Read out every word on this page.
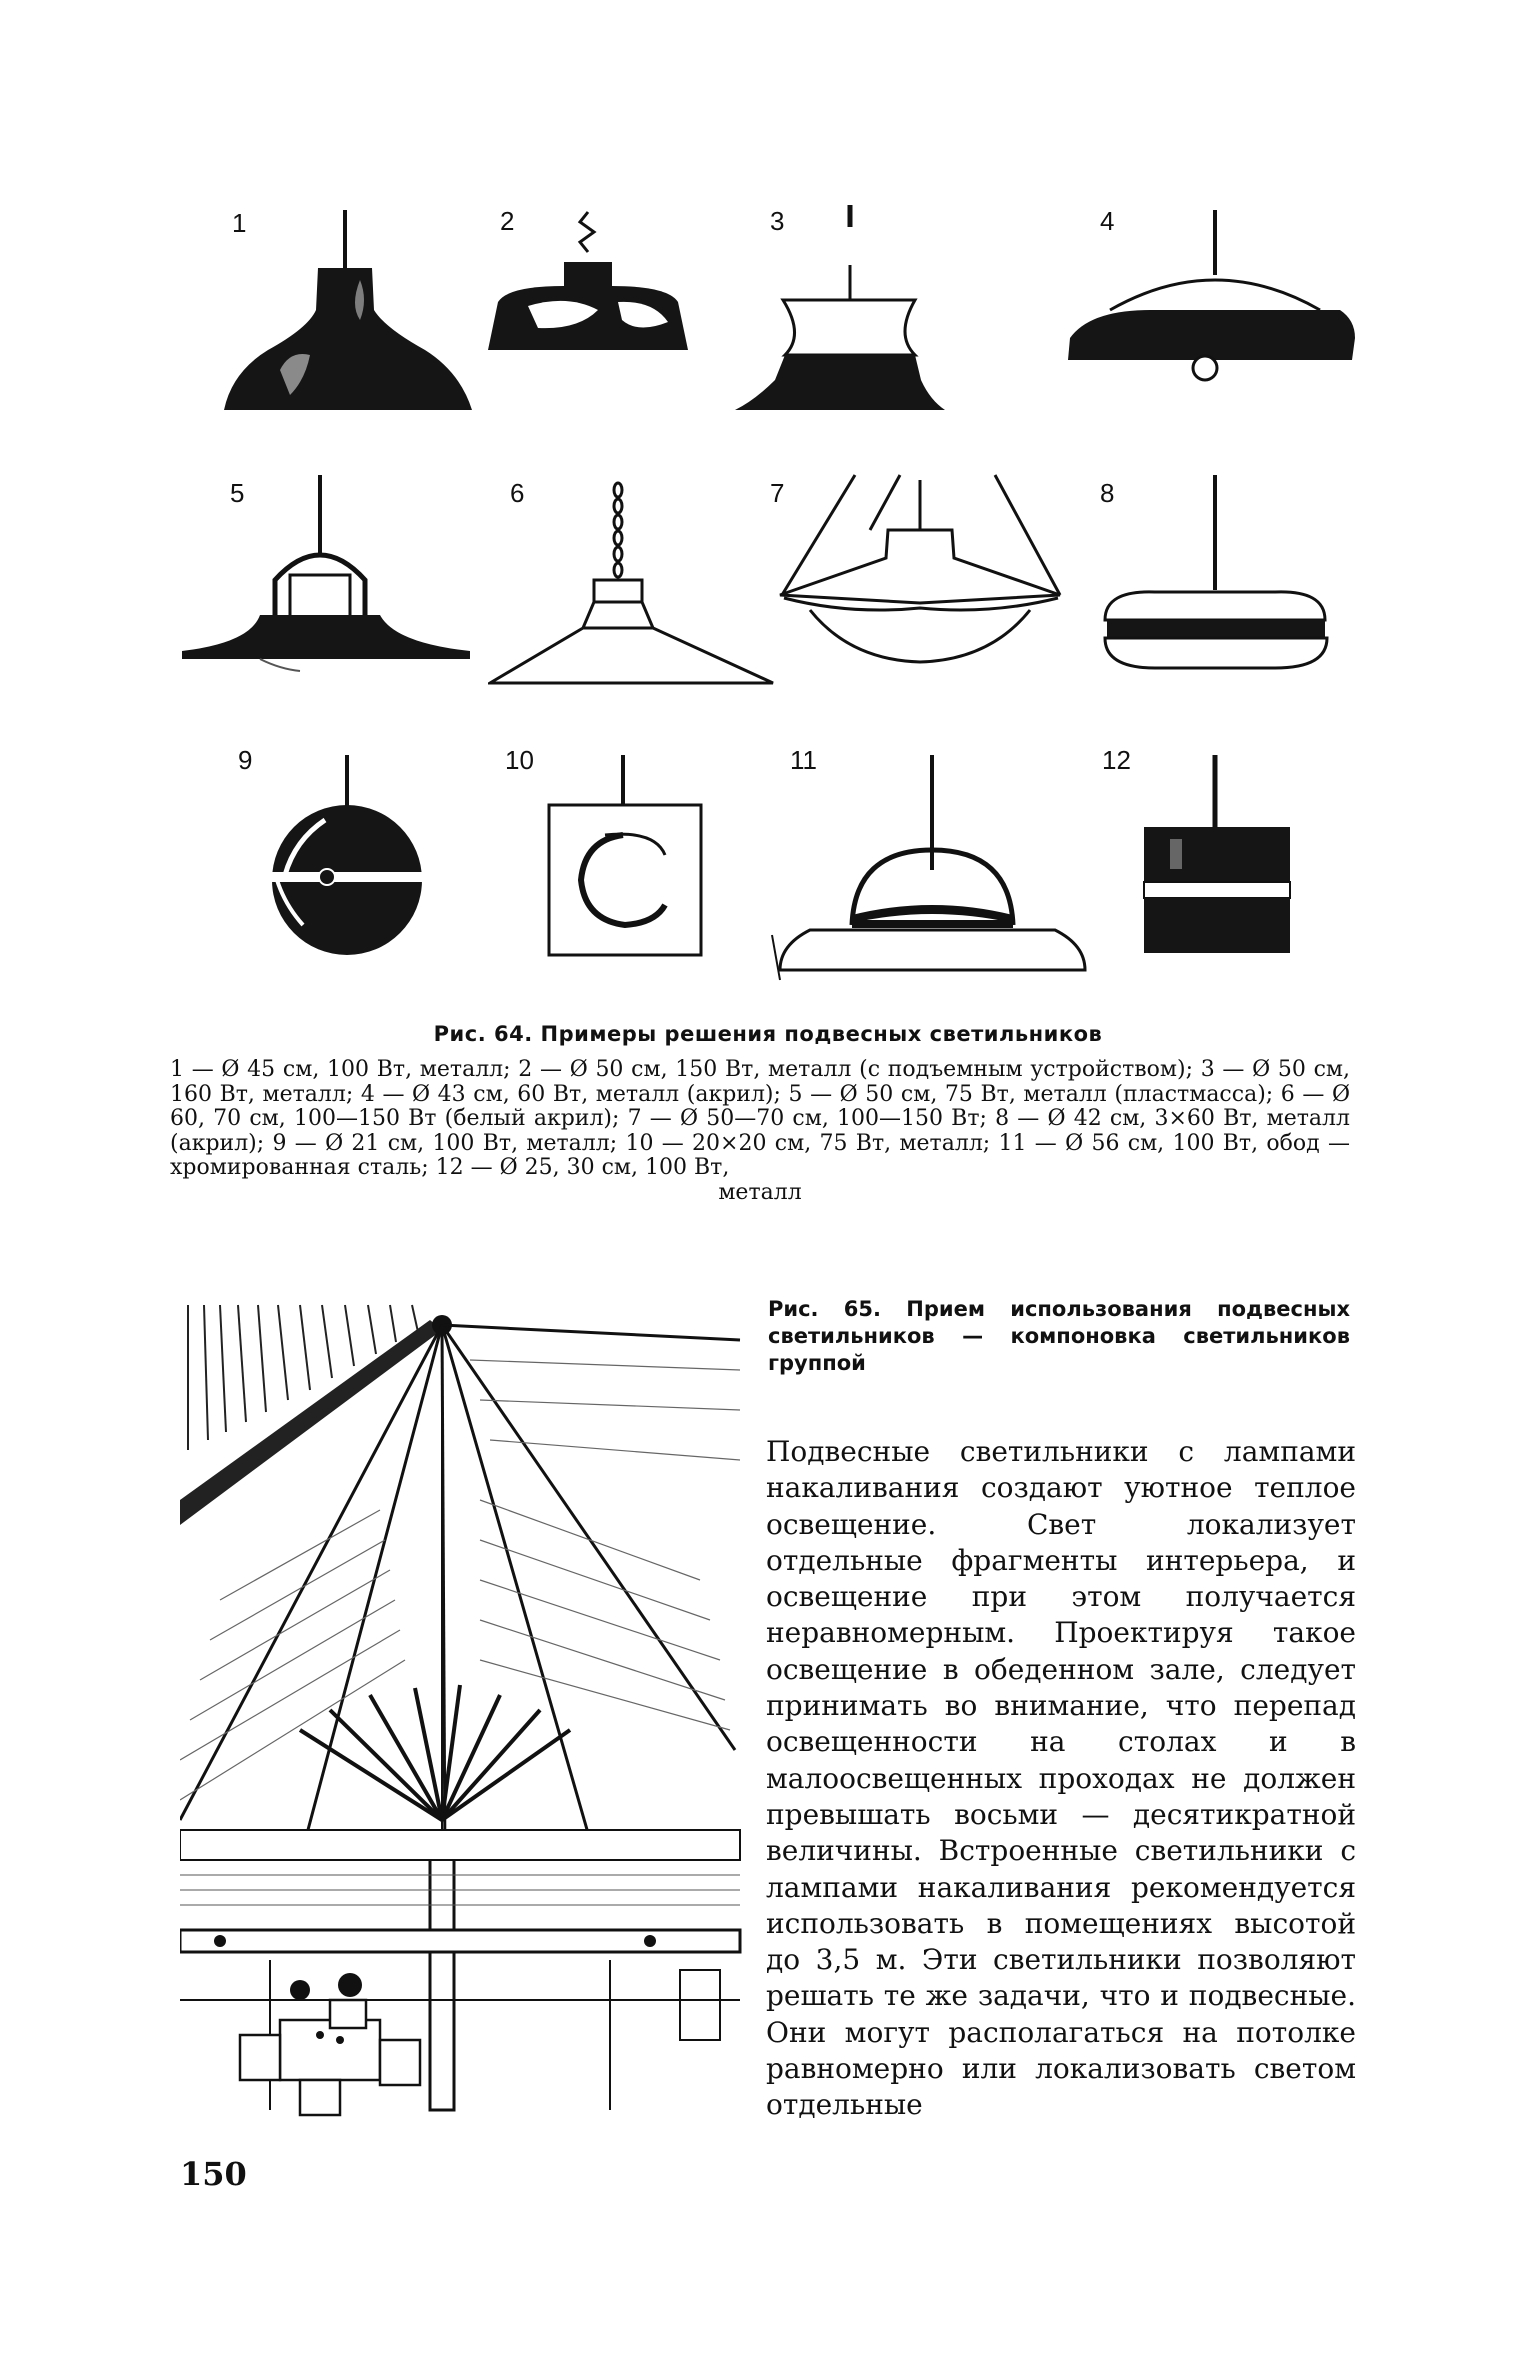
1	2	3	4
5	6	7	8
9	10	11	12
Рис. 64. Примеры решения подвесных светильников
1 — Ø 45 см, 100 Вт, металл; 2 — Ø 50 см, 150 Вт, металл (с подъемным устройством); 3 — Ø 50 см, 160 Вт, металл; 4 — Ø 43 см, 60 Вт, металл (акрил); 5 — Ø 50 см, 75 Вт, металл (пластмасса); 6 — Ø 60, 70 см, 100—150 Вт (белый акрил); 7 — Ø 50—70 см, 100—150 Вт; 8 — Ø 42 см, 3×60 Вт, металл (акрил); 9 — Ø 21 см, 100 Вт, металл; 10 — 20×20 см, 75 Вт, металл; 11 — Ø 56 см, 100 Вт, обод — хромированная сталь; 12 — Ø 25, 30 см, 100 Вт,
металл
Рис. 65. Прием использования подвесных светильников — компоновка светильников группой
Подвесные светильники с лампами накаливания создают уютное теплое освещение. Свет локализует отдельные фрагменты интерьера, и освещение при этом получается неравномерным. Проектируя такое освещение в обеденном зале, следует принимать во внимание, что перепад освещенности на столах и в малоосвещенных проходах не должен превышать восьми — десятикратной величины. Встроенные светильники с лампами накаливания рекомендуется использовать в помещениях высотой до 3,5 м. Эти светильники позволяют решать те же задачи, что и подвесные. Они могут располагаться на потолке равномерно или локализовать светом отдельные
150
